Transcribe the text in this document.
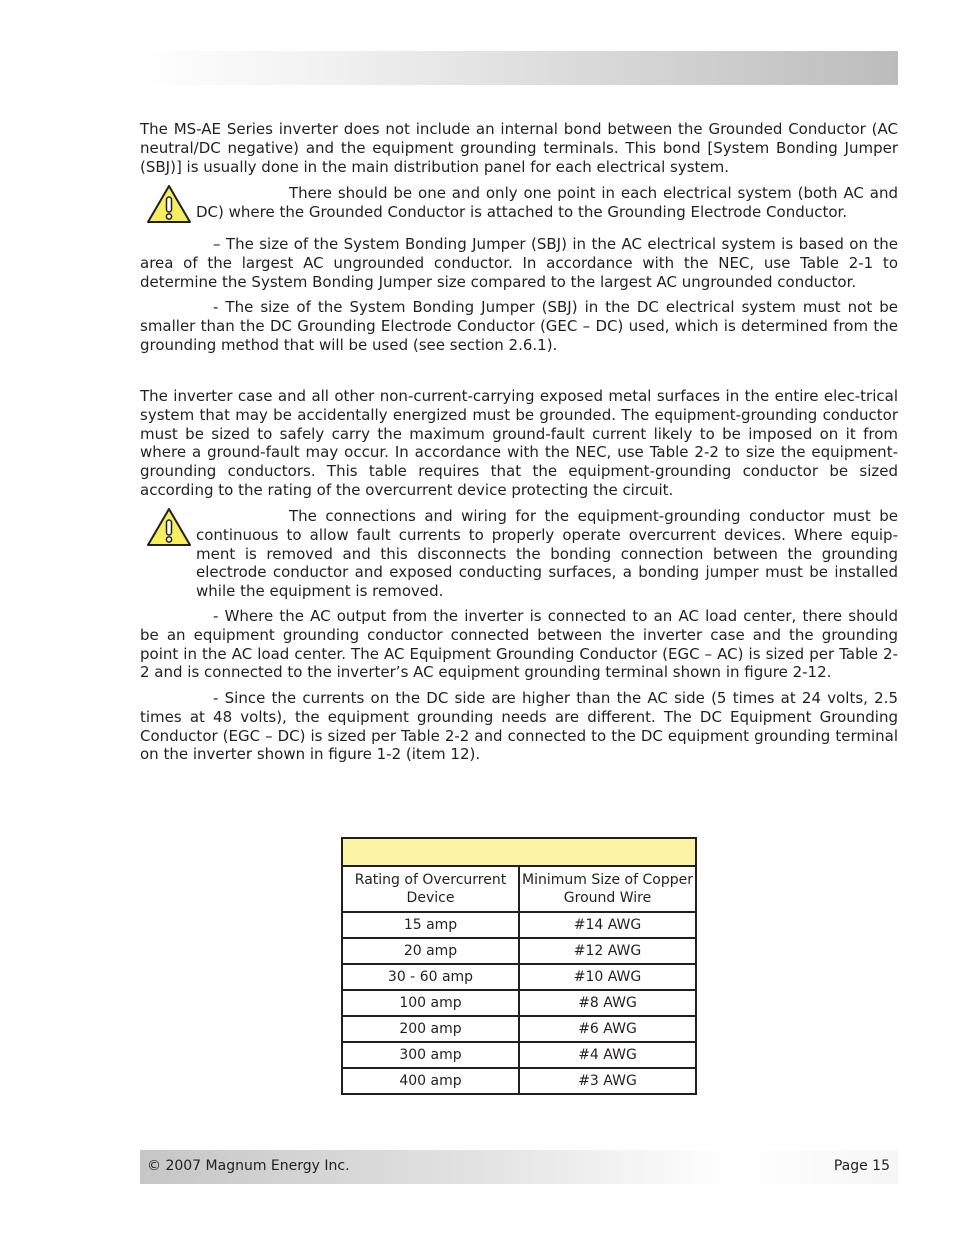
The MS-AE Series inverter does not include an internal bond between the Grounded Conductor (AC neutral/DC negative) and the equipment grounding terminals. This bond [System Bonding Jumper (SBJ)] is usually done in the main distribution panel for each electrical system.

There should be one and only one point in each electrical system (both AC and DC) where the Grounded Conductor is attached to the Grounding Electrode Conductor.

– The size of the System Bonding Jumper (SBJ) in the AC electrical system is based on the area of the largest AC ungrounded conductor. In accordance with the NEC, use Table 2-1 to determine the System Bonding Jumper size compared to the largest AC ungrounded conductor.

- The size of the System Bonding Jumper (SBJ) in the DC electrical system must not be smaller than the DC Grounding Electrode Conductor (GEC – DC) used, which is determined from the grounding method that will be used (see section 2.6.1).

The inverter case and all other non-current-carrying exposed metal surfaces in the entire elec-trical system that may be accidentally energized must be grounded. The equipment-grounding conductor must be sized to safely carry the maximum ground-fault current likely to be imposed on it from where a ground-fault may occur. In accordance with the NEC, use Table 2-2 to size the equipment-grounding conductors. This table requires that the equipment-grounding conductor be sized according to the rating of the overcurrent device protecting the circuit.

The connections and wiring for the equipment-grounding conductor must be continuous to allow fault currents to properly operate overcurrent devices. Where equip-ment is removed and this disconnects the bonding connection between the grounding electrode conductor and exposed conducting surfaces, a bonding jumper must be installed while the equipment is removed.

- Where the AC output from the inverter is connected to an AC load center, there should be an equipment grounding conductor connected between the inverter case and the grounding point in the AC load center. The AC Equipment Grounding Conductor (EGC – AC) is sized per Table 2-2 and is connected to the inverter’s AC equipment grounding terminal shown in figure 2-12.

- Since the currents on the DC side are higher than the AC side (5 times at 24 volts, 2.5 times at 48 volts), the equipment grounding needs are different. The DC Equipment Grounding Conductor (EGC – DC) is sized per Table 2-2 and connected to the DC equipment grounding terminal on the inverter shown in figure 1-2 (item 12).

Rating of Overcurrent Device	Minimum Size of Copper Ground Wire
15 amp	#14 AWG
20 amp	#12 AWG
30 - 60 amp	#10 AWG
100 amp	#8 AWG
200 amp	#6 AWG
300 amp	#4 AWG
400 amp	#3 AWG
© 2007 Magnum Energy Inc.	Page 15
